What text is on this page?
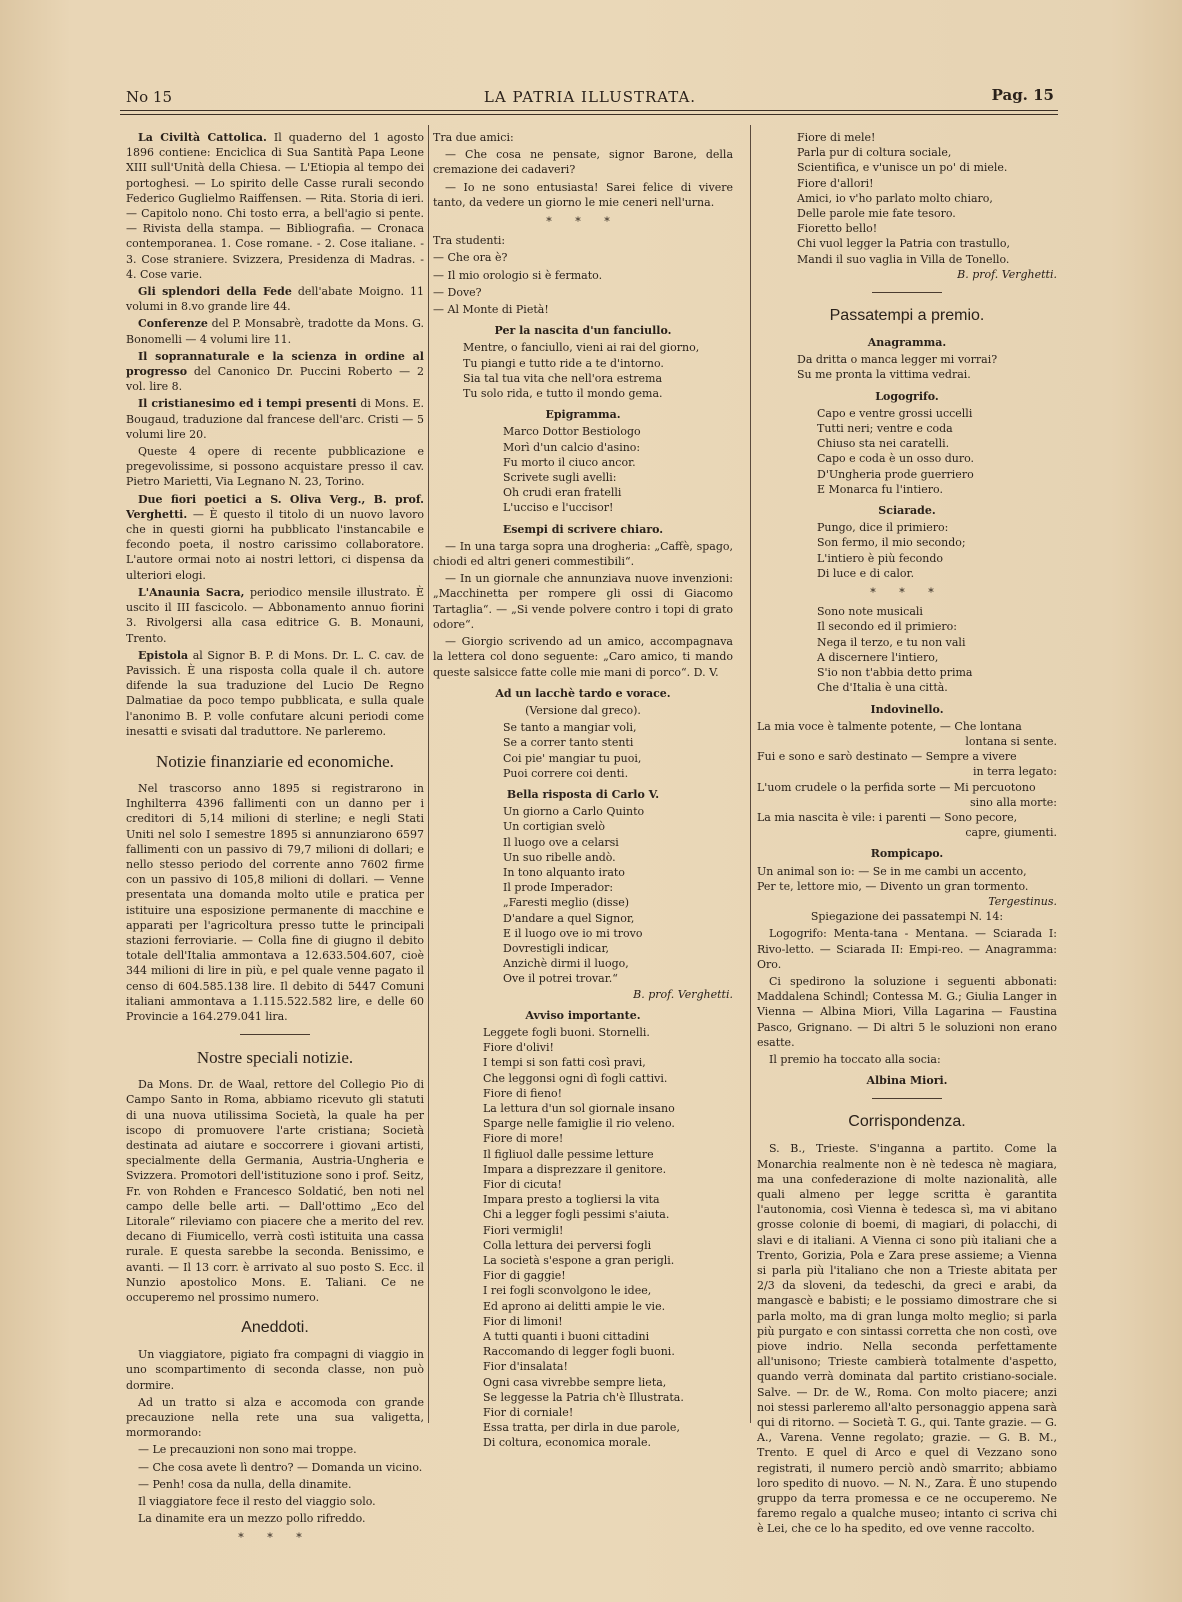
No 15	LA PATRIA ILLUSTRATA.	Pag. 15

La Civiltà Cattolica. Il quaderno del 1 agosto 1896 contiene: Enciclica di Sua Santità Papa Leone XIII sull'Unità della Chiesa. — L'Etiopia al tempo dei portoghesi. — Lo spirito delle Casse rurali secondo Federico Guglielmo Raiffensen. — Rita. Storia di ieri. — Capitolo nono. Chi tosto erra, a bell'agio si pente. — Rivista della stampa. — Bibliografia. — Cronaca contemporanea. 1. Cose romane. - 2. Cose italiane. - 3. Cose straniere. Svizzera, Presidenza di Madras. - 4. Cose varie.

Gli splendori della Fede dell'abate Moigno. 11 volumi in 8.vo grande lire 44.

Conferenze del P. Monsabrè, tradotte da Mons. G. Bonomelli — 4 volumi lire 11.

Il soprannaturale e la scienza in ordine al progresso del Canonico Dr. Puccini Roberto — 2 vol. lire 8.

Il cristianesimo ed i tempi presenti di Mons. E. Bougaud, traduzione dal francese dell'arc. Cristi — 5 volumi lire 20.

Queste 4 opere di recente pubblicazione e pregevolissime, si possono acquistare presso il cav. Pietro Marietti, Via Legnano N. 23, Torino.

Due fiori poetici a S. Oliva Verg., B. prof. Verghetti. — È questo il titolo di un nuovo lavoro che in questi giorni ha pubblicato l'instancabile e fecondo poeta, il nostro carissimo collaboratore. L'autore ormai noto ai nostri lettori, ci dispensa da ulteriori elogi.

L'Anaunia Sacra, periodico mensile illustrato. È uscito il III fascicolo. — Abbonamento annuo fiorini 3. Rivolgersi alla casa editrice G. B. Monauni, Trento.

Epistola al Signor B. P. di Mons. Dr. L. C. cav. de Pavissich. È una risposta colla quale il ch. autore difende la sua traduzione del Lucio De Regno Dalmatiae da poco tempo pubblicata, e sulla quale l'anonimo B. P. volle confutare alcuni periodi come inesatti e svisati dal traduttore. Ne parleremo.

Notizie finanziarie ed economiche.

Nel trascorso anno 1895 si registrarono in Inghilterra 4396 fallimenti con un danno per i creditori di 5,14 milioni di sterline; e negli Stati Uniti nel solo I semestre 1895 si annunziarono 6597 fallimenti con un passivo di 79,7 milioni di dollari; e nello stesso periodo del corrente anno 7602 firme con un passivo di 105,8 milioni di dollari. — Venne presentata una domanda molto utile e pratica per istituire una esposizione permanente di macchine e apparati per l'agricoltura presso tutte le principali stazioni ferroviarie. — Colla fine di giugno il debito totale dell'Italia ammontava a 12.633.504.607, cioè 344 milioni di lire in più, e pel quale venne pagato il censo di 604.585.138 lire. Il debito di 5447 Comuni italiani ammontava a 1.115.522.582 lire, e delle 60 Provincie a 164.279.041 lira.

Nostre speciali notizie.

Da Mons. Dr. de Waal, rettore del Collegio Pio di Campo Santo in Roma, abbiamo ricevuto gli statuti di una nuova utilissima Società, la quale ha per iscopo di promuovere l'arte cristiana; Società destinata ad aiutare e soccorrere i giovani artisti, specialmente della Germania, Austria-Ungheria e Svizzera. Promotori dell'istituzione sono i prof. Seitz, Fr. von Rohden e Francesco Soldatić, ben noti nel campo delle belle arti. — Dall'ottimo „Eco del Litorale“ rileviamo con piacere che a merito del rev. decano di Fiumicello, verrà costì istituita una cassa rurale. E questa sarebbe la seconda. Benissimo, e avanti. — Il 13 corr. è arrivato al suo posto S. Ecc. il Nunzio apostolico Mons. E. Taliani. Ce ne occuperemo nel prossimo numero.

Aneddoti.

Un viaggiatore, pigiato fra compagni di viaggio in uno scompartimento di seconda classe, non può dormire.

Ad un tratto si alza e accomoda con grande precauzione nella rete una sua valigetta, mormorando:

— Le precauzioni non sono mai troppe.

— Che cosa avete lì dentro? — Domanda un vicino.

— Penh! cosa da nulla, della dinamite.

Il viaggiatore fece il resto del viaggio solo.

La dinamite era un mezzo pollo rifreddo.

* * *

Tra due amici:

— Che cosa ne pensate, signor Barone, della cremazione dei cadaveri?

— Io ne sono entusiasta! Sarei felice di vivere tanto, da vedere un giorno le mie ceneri nell'urna.

* * *

Tra studenti:

— Che ora è?

— Il mio orologio si è fermato.

— Dove?

— Al Monte di Pietà!

Per la nascita d'un fanciullo.
Mentre, o fanciullo, vieni ai rai del giorno,
Tu piangi e tutto ride a te d'intorno.
Sia tal tua vita che nell'ora estrema
Tu solo rida, e tutto il mondo gema.
Epigramma.
Marco Dottor Bestiologo
Morì d'un calcio d'asino:
Fu morto il ciuco ancor.
Scrivete sugli avelli:
Oh crudi eran fratelli
L'ucciso e l'uccisor!
Esempi di scrivere chiaro.

— In una targa sopra una drogheria: „Caffè, spago, chiodi ed altri generi commestibili“.

— In un giornale che annunziava nuove invenzioni: „Macchinetta per rompere gli ossi di Giacomo Tartaglia“. — „Si vende polvere contro i topi di grato odore“.

— Giorgio scrivendo ad un amico, accompagnava la lettera col dono seguente: „Caro amico, ti mando queste salsicce fatte colle mie mani di porco“. D. V.

Ad un lacchè tardo e vorace.
(Versione dal greco).
Se tanto a mangiar voli,
Se a correr tanto stenti
Coi pie' mangiar tu puoi,
Puoi correre coi denti.
Bella risposta di Carlo V.
Un giorno a Carlo Quinto
Un cortigian svelò
Il luogo ove a celarsi
Un suo ribelle andò.
In tono alquanto irato
Il prode Imperador:
„Faresti meglio (disse)
D'andare a quel Signor,
E il luogo ove io mi trovo
Dovrestigli indicar,
Anzichè dirmi il luogo,
Ove il potrei trovar.“
B. prof. Verghetti.
Avviso importante.
Leggete fogli buoni. Stornelli.
Fiore d'olivi!
I tempi si son fatti così pravi,
Che leggonsi ogni dì fogli cattivi.
Fiore di fieno!
La lettura d'un sol giornale insano
Sparge nelle famiglie il rio veleno.
Fiore di more!
Il figliuol dalle pessime letture
Impara a disprezzare il genitore.
Fior di cicuta!
Impara presto a togliersi la vita
Chi a legger fogli pessimi s'aiuta.
Fiori vermigli!
Colla lettura dei perversi fogli
La società s'espone a gran perigli.
Fior di gaggie!
I rei fogli sconvolgono le idee,
Ed aprono ai delitti ampie le vie.
Fior di limoni!
A tutti quanti i buoni cittadini
Raccomando di legger fogli buoni.
Fior d'insalata!
Ogni casa vivrebbe sempre lieta,
Se leggesse la Patria ch'è Illustrata.
Fior di corniale!
Essa tratta, per dirla in due parole,
Di coltura, economica morale.
Fiore di mele!
Parla pur di coltura sociale,
Scientifica, e v'unisce un po' di miele.
Fiore d'allori!
Amici, io v'ho parlato molto chiaro,
Delle parole mie fate tesoro.
Fioretto bello!
Chi vuol legger la Patria con trastullo,
Mandi il suo vaglia in Villa de Tonello.
B. prof. Verghetti.
Passatempi a premio.
Anagramma.
Da dritta o manca legger mi vorrai?
Su me pronta la vittima vedrai.
Logogrifo.
Capo e ventre grossi uccelli
Tutti neri; ventre e coda
Chiuso sta nei caratelli.
Capo e coda è un osso duro.
D'Ungheria prode guerriero
E Monarca fu l'intiero.
Sciarade.
Pungo, dice il primiero:
Son fermo, il mio secondo;
L'intiero è più fecondo
Di luce e di calor.
* * *
Sono note musicali
Il secondo ed il primiero:
Nega il terzo, e tu non vali
A discernere l'intiero,
S'io non t'abbia detto prima
Che d'Italia è una città.
Indovinello.
La mia voce è talmente potente, — Che lontana
lontana si sente.
Fui e sono e sarò destinato — Sempre a vivere
in terra legato:
L'uom crudele o la perfida sorte — Mi percuotono
sino alla morte:
La mia nascita è vile: i parenti — Sono pecore,
capre, giumenti.
Rompicapo.
Un animal son io: — Se in me cambi un accento,
Per te, lettore mio, — Divento un gran tormento.
Tergestinus.
Spiegazione dei passatempi N. 14:

Logogrifo: Menta-tana - Mentana. — Sciarada I: Rivo-letto. — Sciarada II: Empi-reo. — Anagramma: Oro.

Ci spedirono la soluzione i seguenti abbonati: Maddalena Schindl; Contessa M. G.; Giulia Langer in Vienna — Albina Miori, Villa Lagarina — Faustina Pasco, Grignano. — Di altri 5 le soluzioni non erano esatte.

Il premio ha toccato alla socia:

Albina Miori.
Corrispondenza.

S. B., Trieste. S'inganna a partito. Come la Monarchia realmente non è nè tedesca nè magiara, ma una confederazione di molte nazionalità, alle quali almeno per legge scritta è garantita l'autonomia, così Vienna è tedesca sì, ma vi abitano grosse colonie di boemi, di magiari, di polacchi, di slavi e di italiani. A Vienna ci sono più italiani che a Trento, Gorizia, Pola e Zara prese assieme; a Vienna si parla più l'italiano che non a Trieste abitata per 2/3 da sloveni, da tedeschi, da greci e arabi, da mangascè e babisti; e le possiamo dimostrare che si parla molto, ma di gran lunga molto meglio; si parla più purgato e con sintassi corretta che non costì, ove piove indrio. Nella seconda perfettamente all'unisono; Trieste cambierà totalmente d'aspetto, quando verrà dominata dal partito cristiano-sociale. Salve. — Dr. de W., Roma. Con molto piacere; anzi noi stessi parleremo all'alto personaggio appena sarà qui di ritorno. — Società T. G., qui. Tante grazie. — G. A., Varena. Venne regolato; grazie. — G. B. M., Trento. E quel di Arco e quel di Vezzano sono registrati, il numero perciò andò smarrito; abbiamo loro spedito di nuovo. — N. N., Zara. È uno stupendo gruppo da terra promessa e ce ne occuperemo. Ne faremo regalo a qualche museo; intanto ci scriva chi è Lei, che ce lo ha spedito, ed ove venne raccolto.
